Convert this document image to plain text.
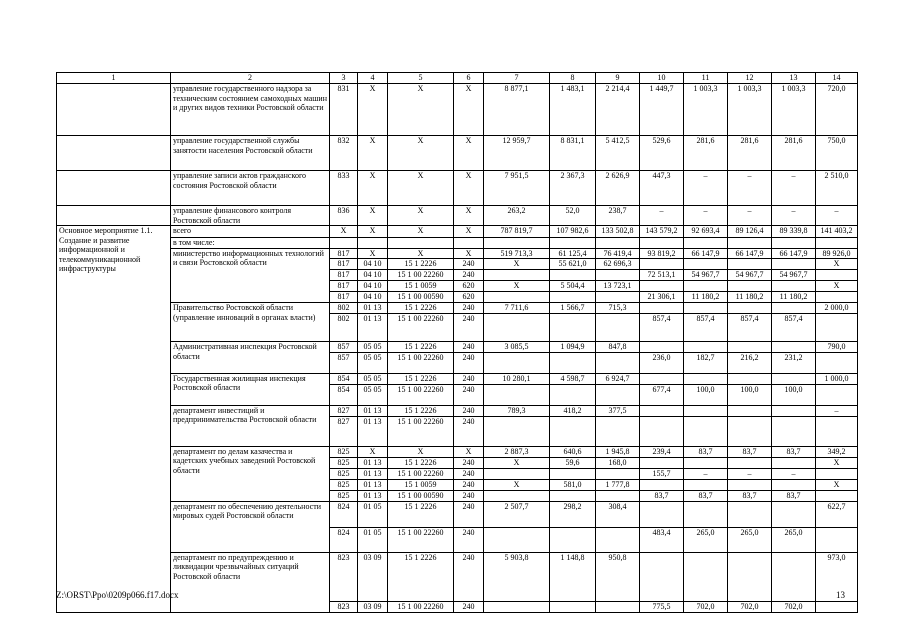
1	2	3	4	5	6	7	8	9	10	11	12	13	14
	управление государственного надзора за техническим состоянием самоходных машин и других видов техники Ростовской области	831	X	X	X	8 877,1	1 483,1	2 214,4	1 449,7	1 003,3	1 003,3	1 003,3	720,0
	управление государственной службы занятости населения Ростовской области	832	X	X	X	12 959,7	8 831,1	5 412,5	529,6	281,6	281,6	281,6	750,0
	управление записи актов гражданского состояния Ростовской области	833	X	X	X	7 951,5	2 367,3	2 626,9	447,3	–	–	–	2 510,0
	управление финансового контроля Ростовской области	836	X	X	X	263,2	52,0	238,7	–	–	–	–	–
Основное мероприятие 1.1. Создание и развитие информационной и телекоммуникационной инфраструктуры	всего	X	X	X	X	787 819,7	107 982,6	133 502,8	143 579,2	92 693,4	89 126,4	89 339,8	141 403,2
	в том числе:												
	министерство информационных технологий и связи Ростовской области	817	X	X	X	519 713,3	61 125,4	76 419,4	93 819,2	66 147,9	66 147,9	66 147,9	89 926,0
		817	04 10	15 1 2226	240	X	55 621,0	62 696,3					X
		817	04 10	15 1 00 22260	240				72 513,1	54 967,7	54 967,7	54 967,7	
		817	04 10	15 1 0059	620	X	5 504,4	13 723,1					X
		817	04 10	15 1 00 00590	620				21 306,1	11 180,2	11 180,2	11 180,2	
	Правительство Ростовской области (управление инноваций в органах власти)	802	01 13	15 1 2226	240	7 711,6	1 566,7	715,3					2 000,0
		802	01 13	15 1 00 22260	240				857,4	857,4	857,4	857,4	
	Административная инспекция Ростовской области	857	05 05	15 1 2226	240	3 085,5	1 094,9	847,8					790,0
		857	05 05	15 1 00 22260	240				236,0	182,7	216,2	231,2	
	Государственная жилищная инспекция Ростовской области	854	05 05	15 1 2226	240	10 280,1	4 598,7	6 924,7					1 000,0
		854	05 05	15 1 00 22260	240				677,4	100,0	100,0	100,0	
	департамент инвестиций и предпринимательства Ростовской области	827	01 13	15 1 2226	240	789,3	418,2	377,5					–
		827	01 13	15 1 00 22260	240								
	департамент по делам казачества и кадетских учебных заведений Ростовской области	825	X	X	X	2 887,3	640,6	1 945,8	239,4	83,7	83,7	83,7	349,2
		825	01 13	15 1 2226	240	X	59,6	168,0					X
		825	01 13	15 1 00 22260	240				155,7	–	–	–	
		825	01 13	15 1 0059	240	X	581,0	1 777,8					X
		825	01 13	15 1 00 00590	240				83,7	83,7	83,7	83,7	
	департамент по обеспечению деятельности мировых судей Ростовской области	824	01 05	15 1 2226	240	2 507,7	298,2	308,4					622,7
		824	01 05	15 1 00 22260	240				483,4	265,0	265,0	265,0	
	департамент по предупреждению и ликвидации чрезвычайных ситуаций Ростовской области	823	03 09	15 1 2226	240	5 903,8	1 148,8	950,8					973,0
		823	03 09	15 1 00 22260	240				775,5	702,0	702,0	702,0	
Z:\ORST\Ppo\0209p066.f17.docx	13
